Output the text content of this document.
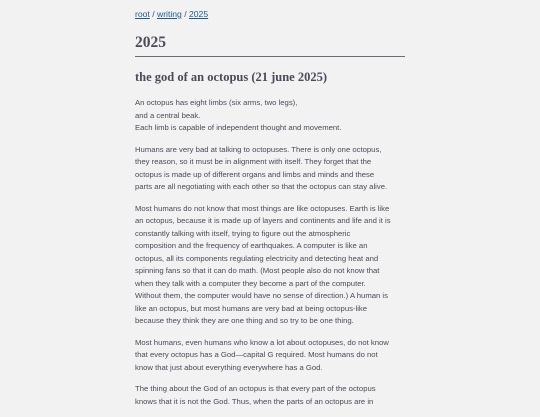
root / writing / 2025
2025
the god of an octopus (21 june 2025)

An octopus has eight limbs (six arms, two legs),
and a central beak.
Each limb is capable of independent thought and movement.

Humans are very bad at talking to octopuses. There is only one octopus,
they reason, so it must be in alignment with itself. They forget that the
octopus is made up of different organs and limbs and minds and these
parts are all negotiating with each other so that the octopus can stay alive.

Most humans do not know that most things are like octopuses. Earth is like
an octopus, because it is made up of layers and continents and life and it is
constantly talking with itself, trying to figure out the atmospheric
composition and the frequency of earthquakes. A computer is like an
octopus, all its components regulating electricity and detecting heat and
spinning fans so that it can do math. (Most people also do not know that
when they talk with a computer they become a part of the computer.
Without them, the computer would have no sense of direction.) A human is
like an octopus, but most humans are very bad at being octopus-like
because they think they are one thing and so try to be one thing.

Most humans, even humans who know a lot about octopuses, do not know
that every octopus has a God—capital G required. Most humans do not
know that just about everything everywhere has a God.

The thing about the God of an octopus is that every part of the octopus
knows that it is not the God. Thus, when the parts of an octopus are in
